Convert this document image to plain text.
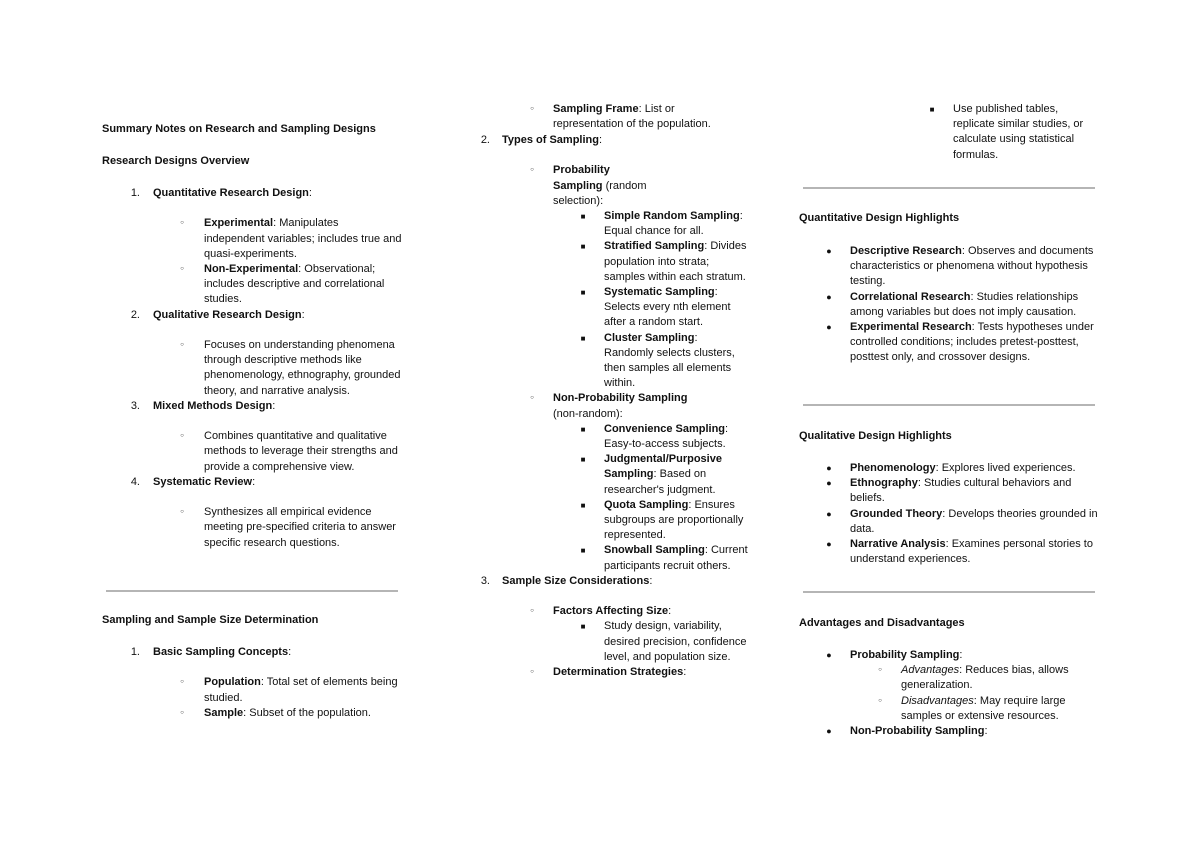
Summary Notes on Research and Sampling Designs
Research Designs Overview
1. Quantitative Research Design:
○	Experimental: Manipulates independent variables; includes true and quasi-experiments.
○	Non-Experimental: Observational; includes descriptive and correlational studies.
2. Qualitative Research Design:
○	Focuses on understanding phenomena through descriptive methods like phenomenology, ethnography, grounded theory, and narrative analysis.
3. Mixed Methods Design:
○	Combines quantitative and qualitative methods to leverage their strengths and provide a comprehensive view.
4. Systematic Review:
○	Synthesizes all empirical evidence meeting pre-specified criteria to answer specific research questions.
Sampling and Sample Size Determination
1. Basic Sampling Concepts:
○	Population: Total set of elements being studied.
○	Sample: Subset of the population.
○	Sampling Frame: List or representation of the population.
2. Types of Sampling:
○	Probability Sampling (random selection):
■	Simple Random Sampling: Equal chance for all.
■	Stratified Sampling: Divides population into strata; samples within each stratum.
■	Systematic Sampling: Selects every nth element after a random start.
■	Cluster Sampling: Randomly selects clusters, then samples all elements within.
○	Non-Probability Sampling (non-random):
■	Convenience Sampling: Easy-to-access subjects.
■	Judgmental/Purposive Sampling: Based on researcher's judgment.
■	Quota Sampling: Ensures subgroups are proportionally represented.
■	Snowball Sampling: Current participants recruit others.
3. Sample Size Considerations:
○	Factors Affecting Size:
■	Study design, variability, desired precision, confidence level, and population size.
○	Determination Strategies:
■	Use published tables, replicate similar studies, or calculate using statistical formulas.
Quantitative Design Highlights
● Descriptive Research: Observes and documents characteristics or phenomena without hypothesis testing.
● Correlational Research: Studies relationships among variables but does not imply causation.
● Experimental Research: Tests hypotheses under controlled conditions; includes pretest-posttest, posttest only, and crossover designs.
Qualitative Design Highlights
● Phenomenology: Explores lived experiences.
● Ethnography: Studies cultural behaviors and beliefs.
● Grounded Theory: Develops theories grounded in data.
● Narrative Analysis: Examines personal stories to understand experiences.
Advantages and Disadvantages
● Probability Sampling:
○	Advantages: Reduces bias, allows generalization.
○	Disadvantages: May require large samples or extensive resources.
● Non-Probability Sampling:
